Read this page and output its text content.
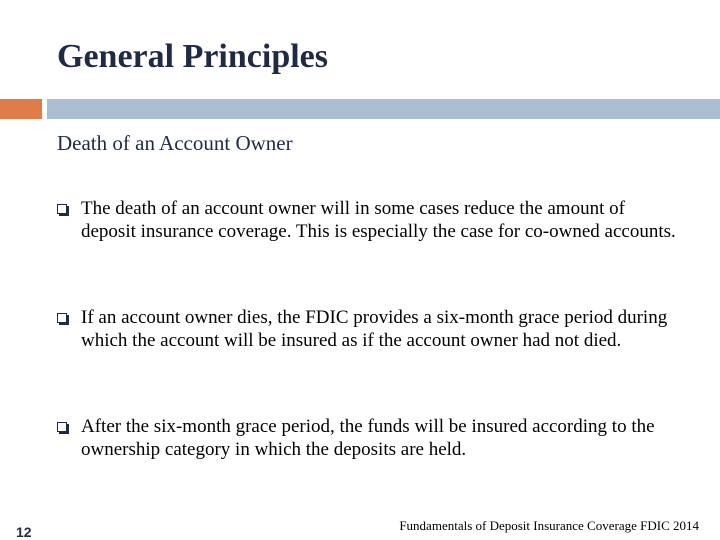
General Principles
Death of an Account Owner
The death of an account owner will in some cases reduce the amount of deposit insurance coverage. This is especially the case for co-owned accounts.
If an account owner dies, the FDIC provides a six-month grace period during which the account will be insured as if the account owner had not died.
After the six-month grace period, the funds will be insured according to the ownership category in which the deposits are held.
12	Fundamentals of Deposit Insurance Coverage FDIC 2014
